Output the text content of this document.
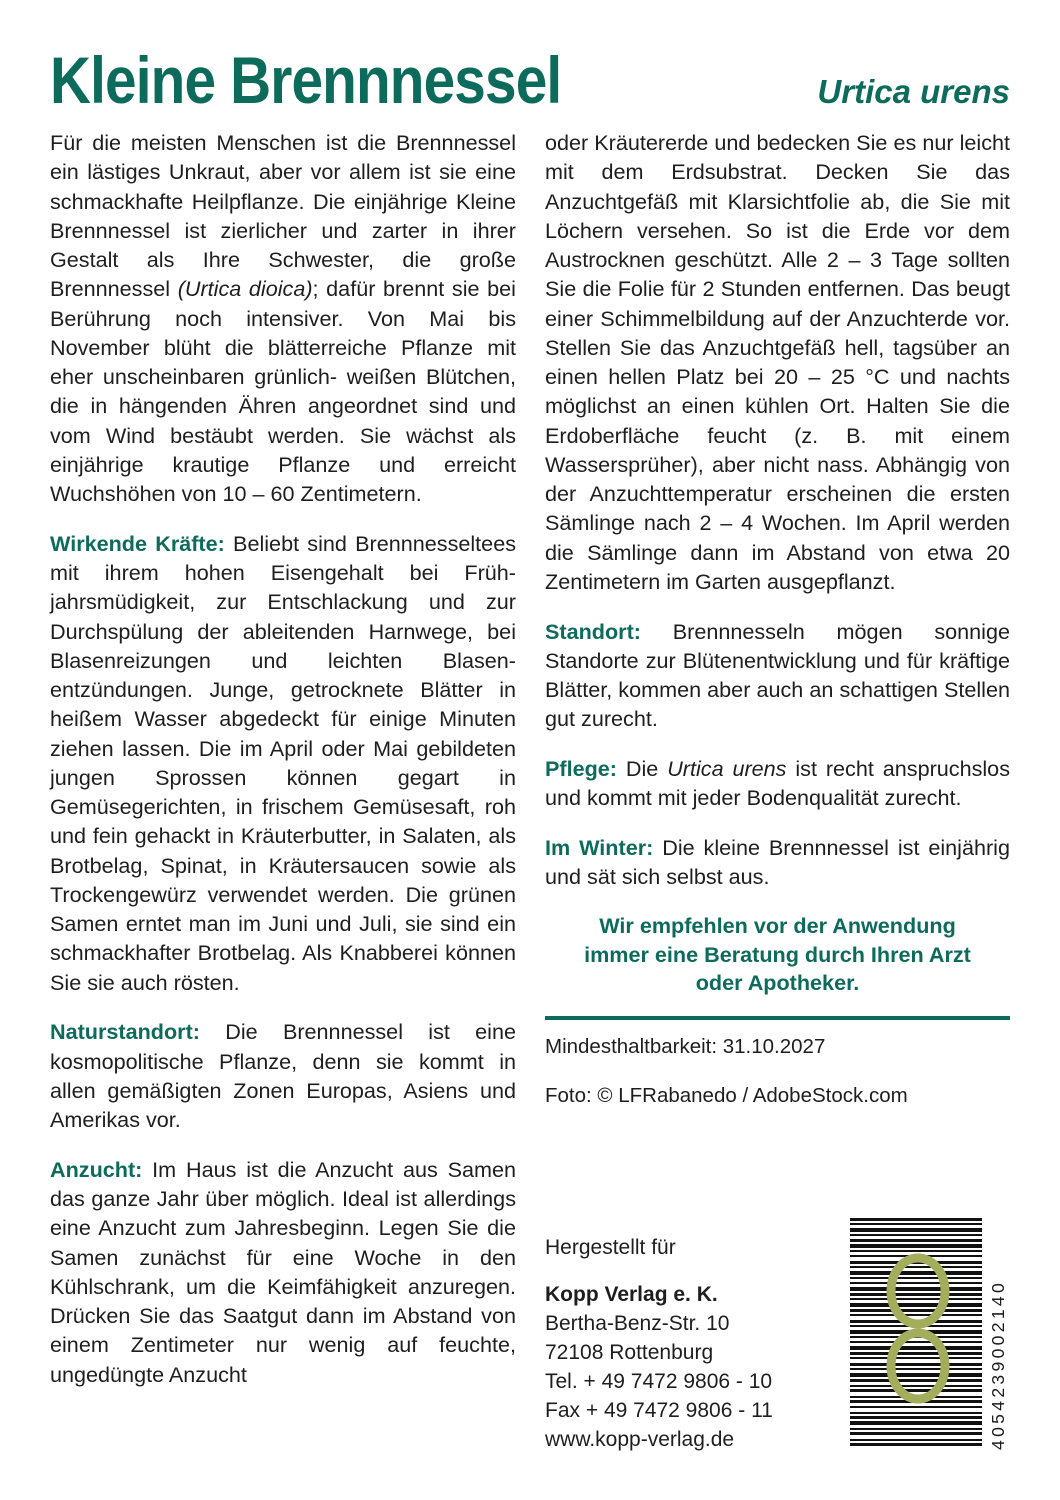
Kleine Brennnessel	Urtica urens

Für die meisten Menschen ist die Brennnessel ein lästiges Unkraut, aber vor allem ist sie eine schmackhafte Heilpflanze. Die einjährige Kleine Brennnessel ist zierlicher und zarter in ihrer Gestalt als Ihre Schwester, die große Brennnessel (Urtica dioica); dafür brennt sie bei Berührung noch intensiver. Von Mai bis November blüht die blätterreiche Pflanze mit eher unscheinbaren grünlich- weißen Blütchen, die in hängenden Ähren angeordnet sind und vom Wind bestäubt werden. Sie wächst als einjährige krautige Pflanze und erreicht Wuchshöhen von 10 – 60 Zentimetern.

Wirkende Kräfte: Beliebt sind Brennnesseltees mit ihrem hohen Eisengehalt bei Frühjahrsmüdigkeit, zur Entschlackung und zur Durchspülung der ableitenden Harnwege, bei Blasenreizungen und leichten Blasenentzündungen. Junge, getrocknete Blätter in heißem Wasser abgedeckt für einige Minuten ziehen lassen. Die im April oder Mai gebildeten jungen Sprossen können gegart in Gemüsegerichten, in frischem Gemüsesaft, roh und fein gehackt in Kräuterbutter, in Salaten, als Brotbelag, Spinat, in Kräutersaucen sowie als Trockengewürz verwendet werden. Die grünen Samen erntet man im Juni und Juli, sie sind ein schmackhafter Brotbelag. Als Knabberei können Sie sie auch rösten.

Naturstandort: Die Brennnessel ist eine kosmopolitische Pflanze, denn sie kommt in allen gemäßigten Zonen Europas, Asiens und Amerikas vor.

Anzucht: Im Haus ist die Anzucht aus Samen das ganze Jahr über möglich. Ideal ist allerdings eine Anzucht zum Jahresbeginn. Legen Sie die Samen zunächst für eine Woche in den Kühlschrank, um die Keimfähigkeit anzuregen. Drücken Sie das Saatgut dann im Abstand von einem Zentimeter nur wenig auf feuchte, ungedüngte Anzucht

oder Kräutererde und bedecken Sie es nur leicht mit dem Erdsubstrat. Decken Sie das Anzuchtgefäß mit Klarsichtfolie ab, die Sie mit Löchern versehen. So ist die Erde vor dem Austrocknen geschützt. Alle 2 – 3 Tage sollten Sie die Folie für 2 Stunden entfernen. Das beugt einer Schimmelbildung auf der Anzuchterde vor. Stellen Sie das Anzuchtgefäß hell, tagsüber an einen hellen Platz bei 20 – 25 °C und nachts möglichst an einen kühlen Ort. Halten Sie die Erdoberfläche feucht (z. B. mit einem Wassersprüher), aber nicht nass. Abhängig von der Anzuchttemperatur erscheinen die ersten Sämlinge nach 2 – 4 Wochen. Im April werden die Sämlinge dann im Abstand von etwa 20 Zentimetern im Garten ausgepflanzt.

Standort: Brennnesseln mögen sonnige Standorte zur Blütenentwicklung und für kräftige Blätter, kommen aber auch an schattigen Stellen gut zurecht.

Pflege: Die Urtica urens ist recht anspruchslos und kommt mit jeder Bodenqualität zurecht.

Im Winter: Die kleine Brennnessel ist einjährig und sät sich selbst aus.

Wir empfehlen vor der Anwendung
immer eine Beratung durch Ihren Arzt
oder Apotheker.

Mindesthaltbarkeit: 31.10.2027

Foto: © LFRabanedo / AdobeStock.com

Hergestellt für
Kopp Verlag e. K.
Bertha-Benz-Str. 10
72108 Rottenburg
Tel. + 49 7472 9806 - 10
Fax + 49 7472 9806 - 11
www.kopp-verlag.de	4054239002140
